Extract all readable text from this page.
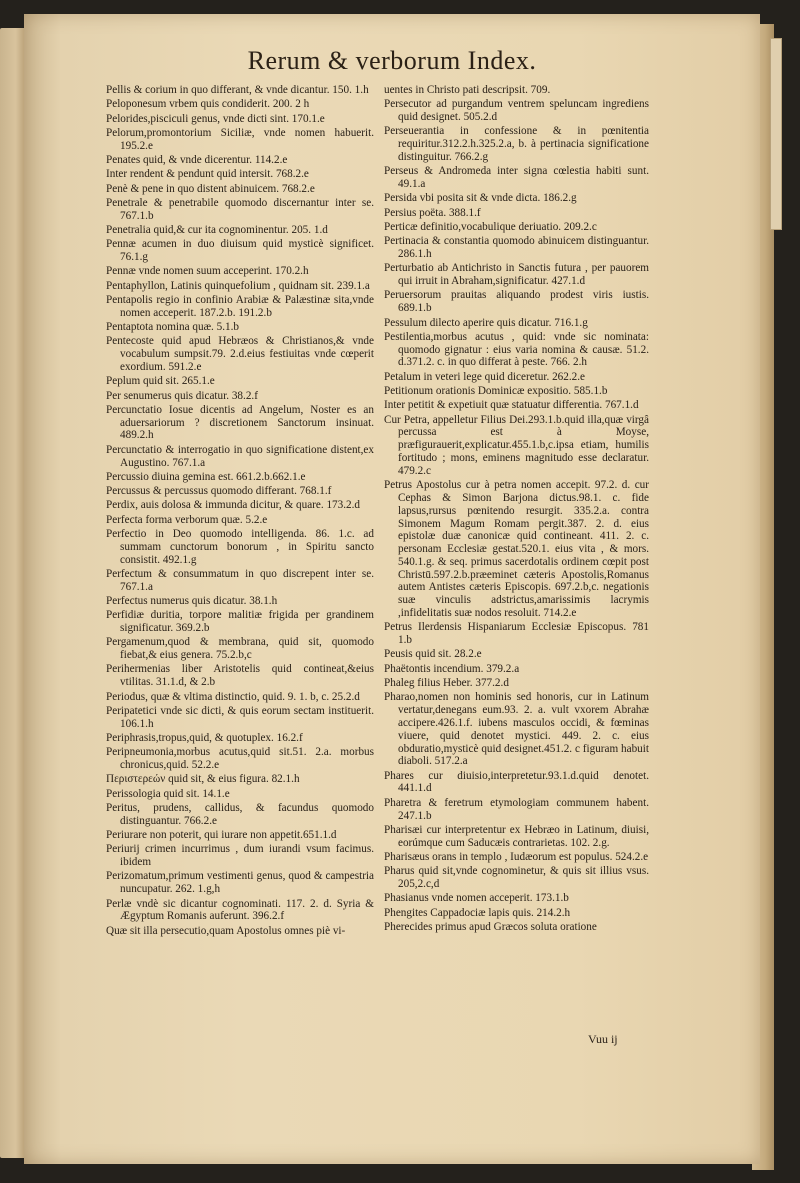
Rerum & verborum Index.

Pellis & corium in quo differant, & vnde dicantur. 150. 1.h

Peloponesum vrbem quis condiderit. 200. 2 h

Pelorides,pisciculi genus, vnde dicti sint. 170.1.e

Pelorum,promontorium Siciliæ, vnde nomen habuerit. 195.2.e

Penates quid, & vnde dicerentur. 114.2.e

Inter rendent & pendunt quid intersit. 768.2.e

Penè & pene in quo distent abinuicem. 768.2.e

Penetrale & penetrabile quomodo discernantur inter se. 767.1.b

Penetralia quid,& cur ita cognominentur. 205. 1.d

Pennæ acumen in duo diuisum quid mysticè significet. 76.1.g

Pennæ vnde nomen suum acceperint. 170.2.h

Pentaphyllon, Latinis quinquefolium , quidnam sit. 239.1.a

Pentapolis regio in confinio Arabiæ & Palæstinæ sita,vnde nomen acceperit. 187.2.b. 191.2.b

Pentaptota nomina quæ. 5.1.b

Pentecoste quid apud Hebræos & Christianos,& vnde vocabulum sumpsit.79. 2.d.eius festiuitas vnde cœperit exordium. 591.2.e

Peplum quid sit. 265.1.e

Per senumerus quis dicatur. 38.2.f

Percunctatio Iosue dicentis ad Angelum, Noster es an aduersariorum ? discretionem Sanctorum insinuat. 489.2.h

Percunctatio & interrogatio in quo significatione distent,ex Augustino. 767.1.a

Percussio diuina gemina est. 661.2.b.662.1.e

Percussus & percussus quomodo differant. 768.1.f

Perdix, auis dolosa & immunda dicitur, & quare. 173.2.d

Perfecta forma verborum quæ. 5.2.e

Perfectio in Deo quomodo intelligenda. 86. 1.c. ad summam cunctorum bonorum , in Spiritu sancto consistit. 492.1.g

Perfectum & consummatum in quo discrepent inter se. 767.1.a

Perfectus numerus quis dicatur. 38.1.h

Perfidiæ duritia, torpore malitiæ frigida per grandinem significatur. 369.2.b

Pergamenum,quod & membrana, quid sit, quomodo fiebat,& eius genera. 75.2.b,c

Perihermenias liber Aristotelis quid contineat,&eius vtilitas. 31.1.d, & 2.b

Periodus, quæ & vltima distinctio, quid. 9. 1. b, c. 25.2.d

Peripatetici vnde sic dicti, & quis eorum sectam instituerit. 106.1.h

Periphrasis,tropus,quid, & quotuplex. 16.2.f

Peripneumonia,morbus acutus,quid sit.51. 2.a. morbus chronicus,quid. 52.2.e

Περιστερεών quid sit, & eius figura. 82.1.h

Perissologia quid sit. 14.1.e

Peritus, prudens, callidus, & facundus quomodo distinguantur. 766.2.e

Periurare non poterit, qui iurare non appetit.651.1.d

Periurij crimen incurrimus , dum iurandi vsum facimus. ibidem

Perizomatum,primum vestimenti genus, quod & campestria nuncupatur. 262. 1.g,h

Perlæ vndè sic dicantur cognominati. 117. 2. d. Syria & Ægyptum Romanis auferunt. 396.2.f

Quæ sit illa persecutio,quam Apostolus omnes piè vi-

uentes in Christo pati descripsit. 709.

Persecutor ad purgandum ventrem speluncam ingrediens quid designet. 505.2.d

Perseuerantia in confessione & in pœnitentia requiritur.312.2.h.325.2.a, b. à pertinacia significatione distinguitur. 766.2.g

Perseus & Andromeda inter signa cœlestia habiti sunt. 49.1.a

Persida vbi posita sit & vnde dicta. 186.2.g

Persius poëta. 388.1.f

Perticæ definitio,vocabulique deriuatio. 209.2.c

Pertinacia & constantia quomodo abinuicem distinguantur. 286.1.h

Perturbatio ab Antichristo in Sanctis futura , per pauorem qui irruit in Abraham,significatur. 427.1.d

Peruersorum prauitas aliquando prodest viris iustis. 689.1.b

Pessulum dilecto aperire quis dicatur. 716.1.g

Pestilentia,morbus acutus , quid: vnde sic nominata: quomodo gignatur : eius varia nomina & causæ. 51.2. d.371.2. c. in quo differat à peste. 766. 2.h

Petalum in veteri lege quid diceretur. 262.2.e

Petitionum orationis Dominicæ expositio. 585.1.b

Inter petitit & expetiuit quæ statuatur differentia. 767.1.d

Cur Petra, appelletur Filius Dei.293.1.b.quid illa,quæ virgâ percussa est à Moyse, præfigurauerit,explicatur.455.1.b,c.ipsa etiam, humilis fortitudo ; mons, eminens magnitudo esse declaratur. 479.2.c

Petrus Apostolus cur à petra nomen accepit. 97.2. d. cur Cephas & Simon Barjona dictus.98.1. c. fide lapsus,rursus pœnitendo resurgit. 335.2.a. contra Simonem Magum Romam pergit.387. 2. d. eius epistolæ duæ canonicæ quid contineant. 411. 2. c. personam Ecclesiæ gestat.520.1. eius vita , & mors. 540.1.g. & seq. primus sacerdotalis ordinem cœpit post Christū.597.2.b.præeminet cæteris Apostolis,Romanus autem Antistes cæteris Episcopis. 697.2.b,c. negationis suæ vinculis adstrictus,amarissimis lacrymis ,infidelitatis suæ nodos resoluit. 714.2.e

Petrus Ilerdensis Hispaniarum Ecclesiæ Episcopus. 781 1.b

Peusis quid sit. 28.2.e

Phaëtontis incendium. 379.2.a

Phaleg filius Heber. 377.2.d

Pharao,nomen non hominis sed honoris, cur in Latinum vertatur,denegans eum.93. 2. a. vult vxorem Abrahæ accipere.426.1.f. iubens masculos occidi, & fœminas viuere, quid denotet mystici. 449. 2. c. eius obduratio,mysticè quid designet.451.2. c figuram habuit diaboli. 517.2.a

Phares cur diuisio,interpretetur.93.1.d.quid denotet. 441.1.d

Pharetra & feretrum etymologiam communem habent. 247.1.b

Pharisæi cur interpretentur ex Hebræo in Latinum, diuisi, eorúmque cum Saducæis contrarietas. 102. 2.g.

Pharisæus orans in templo , Iudæorum est populus. 524.2.e

Pharus quid sit,vnde cognominetur, & quis sit illius vsus. 205,2.c,d

Phasianus vnde nomen acceperit. 173.1.b

Phengites Cappadociæ lapis quis. 214.2.h

Pherecides primus apud Græcos soluta oratione

Vuu ij
